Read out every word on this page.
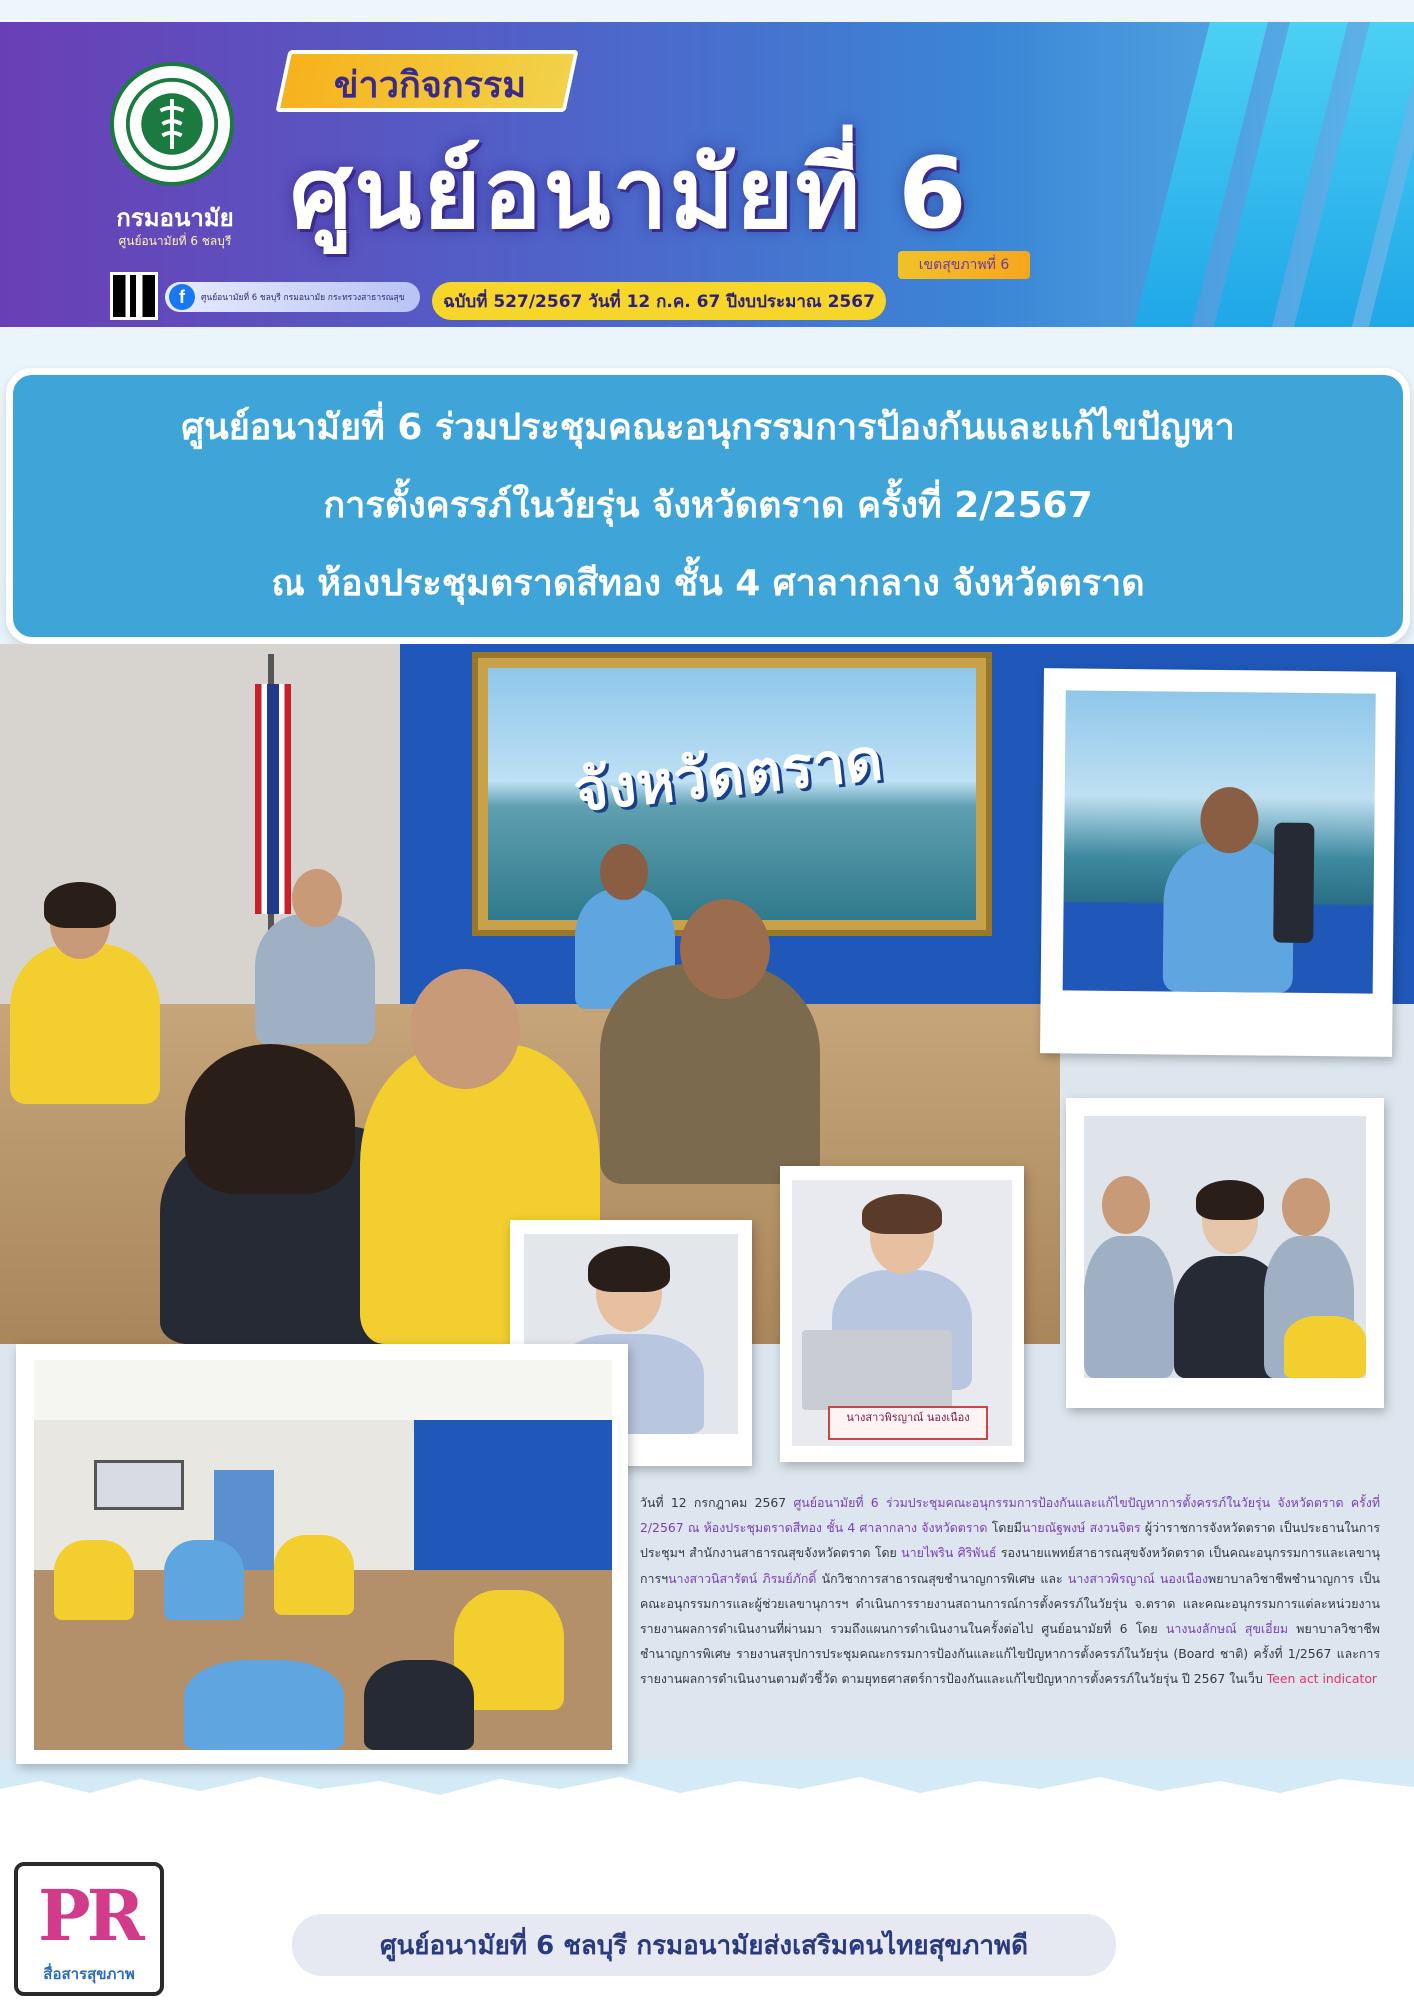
กรมอนามัย
ศูนย์อนามัยที่ 6 ชลบุรี
f	ศูนย์อนามัยที่ 6 ชลบุรี กรมอนามัย กระทรวงสาธารณสุข
ข่าวกิจกรรม
ศูนย์อนามัยที่ 6
เขตสุขภาพที่ 6
ฉบับที่ 527/2567 วันที่ 12 ก.ค. 67 ปีงบประมาณ 2567
ศูนย์อนามัยที่ 6 ร่วมประชุมคณะอนุกรรมการป้องกันและแก้ไขปัญหา
การตั้งครรภ์ในวัยรุ่น จังหวัดตราด ครั้งที่ 2/2567
ณ ห้องประชุมตราดสีทอง ชั้น 4 ศาลากลาง จังหวัดตราด
จังหวัดตราด
นางสาวพิรญาณ์ นองเนือง
วันที่ 12 กรกฎาคม 2567 ศูนย์อนามัยที่ 6 ร่วมประชุมคณะอนุกรรมการป้องกันและแก้ไขปัญหาการตั้งครรภ์ในวัยรุ่น จังหวัดตราด ครั้งที่ 2/2567 ณ ห้องประชุมตราดสีทอง ชั้น 4 ศาลากลาง จังหวัดตราด โดยมีนายณัฐพงษ์ สงวนจิตร ผู้ว่าราชการจังหวัดตราด เป็นประธานในการประชุมฯ สำนักงานสาธารณสุขจังหวัดตราด โดย นายไพริน ศิริพันธ์ รองนายแพทย์สาธารณสุขจังหวัดตราด เป็นคณะอนุกรรมการและเลขานุการฯนางสาวนิสารัตน์ ภิรมย์ภักดิ์ นักวิชาการสาธารณสุขชำนาญการพิเศษ และ นางสาวพิรญาณ์ นองเนืองพยาบาลวิชาชีพชำนาญการ เป็นคณะอนุกรรมการและผู้ช่วยเลขานุการฯ ดำเนินการรายงานสถานการณ์การตั้งครรภ์ในวัยรุ่น จ.ตราด และคณะอนุกรรมการแต่ละหน่วยงานรายงานผลการดำเนินงานที่ผ่านมา รวมถึงแผนการดำเนินงานในครั้งต่อไป ศูนย์อนามัยที่ 6 โดย นางนงลักษณ์ สุขเอี่ยม พยาบาลวิชาชีพชำนาญการพิเศษ รายงานสรุปการประชุมคณะกรรมการป้องกันและแก้ไขปัญหาการตั้งครรภ์ในวัยรุ่น (Board ชาติ) ครั้งที่ 1/2567 และการรายงานผลการดำเนินงานตามตัวชี้วัด ตามยุทธศาสตร์การป้องกันและแก้ไขปัญหาการตั้งครรภ์ในวัยรุ่น ปี 2567 ในเว็บ Teen act indicator
PR
สื่อสารสุขภาพ
ศูนย์อนามัยที่ 6 ชลบุรี กรมอนามัยส่งเสริมคนไทยสุขภาพดี
